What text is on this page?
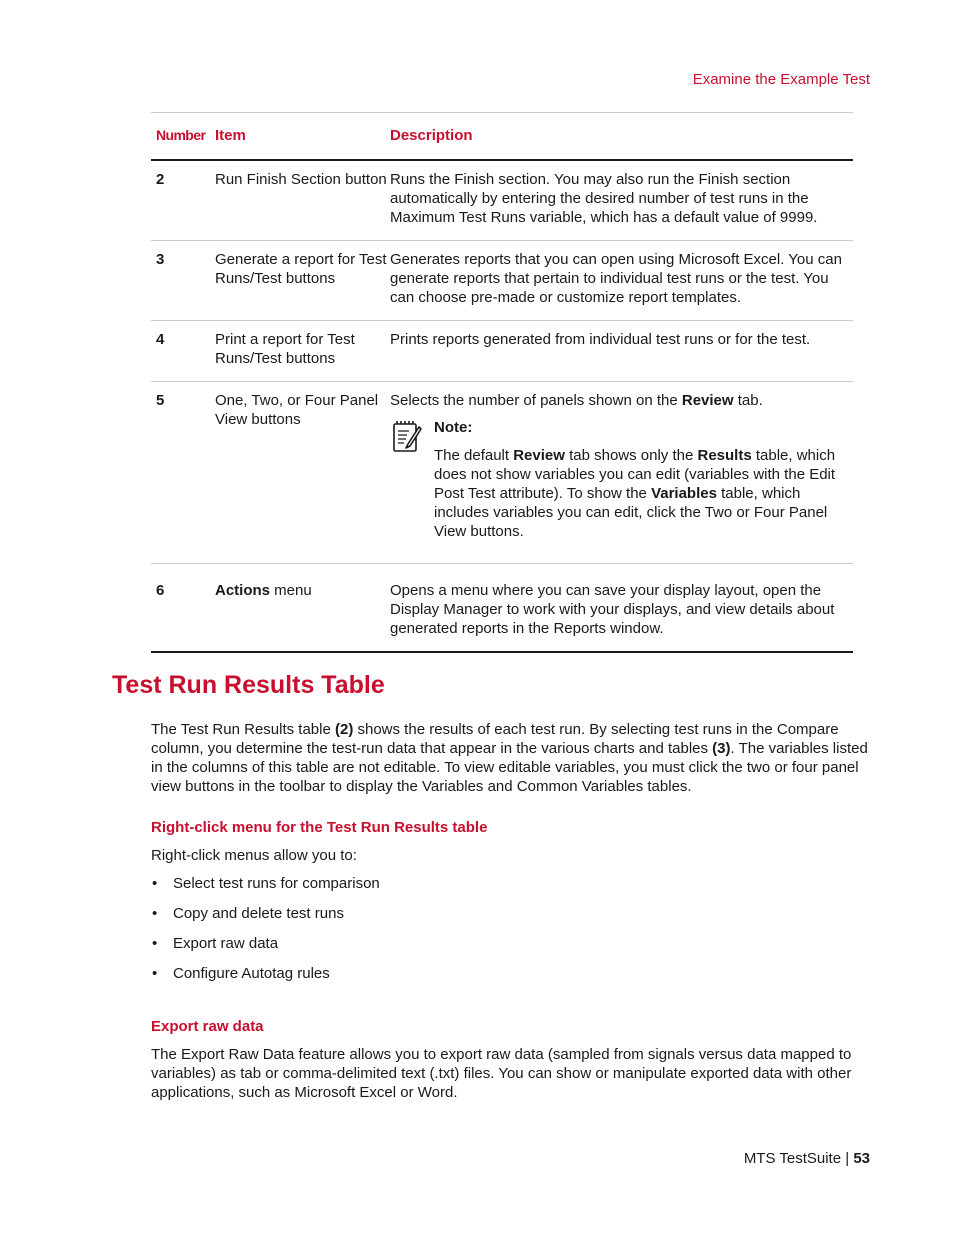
Examine the Example Test
Number	Item	Description
2	Run Finish Section button	Runs the Finish section. You may also run the Finish section automatically by entering the desired number of test runs in the Maximum Test Runs variable, which has a default value of 9999.
3	Generate a report for Test Runs/Test buttons	Generates reports that you can open using Microsoft Excel. You can generate reports that pertain to individual test runs or the test. You can choose pre-made or customize report templates.
4	Print a report for Test Runs/Test buttons	Prints reports generated from individual test runs or for the test.
5	One, Two, or Four Panel View buttons	Selects the number of panels shown on the Review tab.
Note:
The default Review tab shows only the Results table, which does not show variables you can edit (variables with the Edit Post Test attribute). To show the Variables table, which includes variables you can edit, click the Two or Four Panel View buttons.

6	Actions menu	Opens a menu where you can save your display layout, open the Display Manager to work with your displays, and view details about generated reports in the Reports window.
Test Run Results Table

The Test Run Results table (2) shows the results of each test run. By selecting test runs in the Compare column, you determine the test-run data that appear in the various charts and tables (3). The variables listed in the columns of this table are not editable. To view editable variables, you must click the two or four panel view buttons in the toolbar to display the Variables and Common Variables tables.

Right-click menu for the Test Run Results table

Right-click menus allow you to:

• Select test runs for comparison
• Copy and delete test runs
• Export raw data
• Configure Autotag rules
Export raw data

The Export Raw Data feature allows you to export raw data (sampled from signals versus data mapped to variables) as tab or comma-delimited text (.txt) files. You can show or manipulate exported data with other applications, such as Microsoft Excel or Word.

MTS TestSuite | 53
